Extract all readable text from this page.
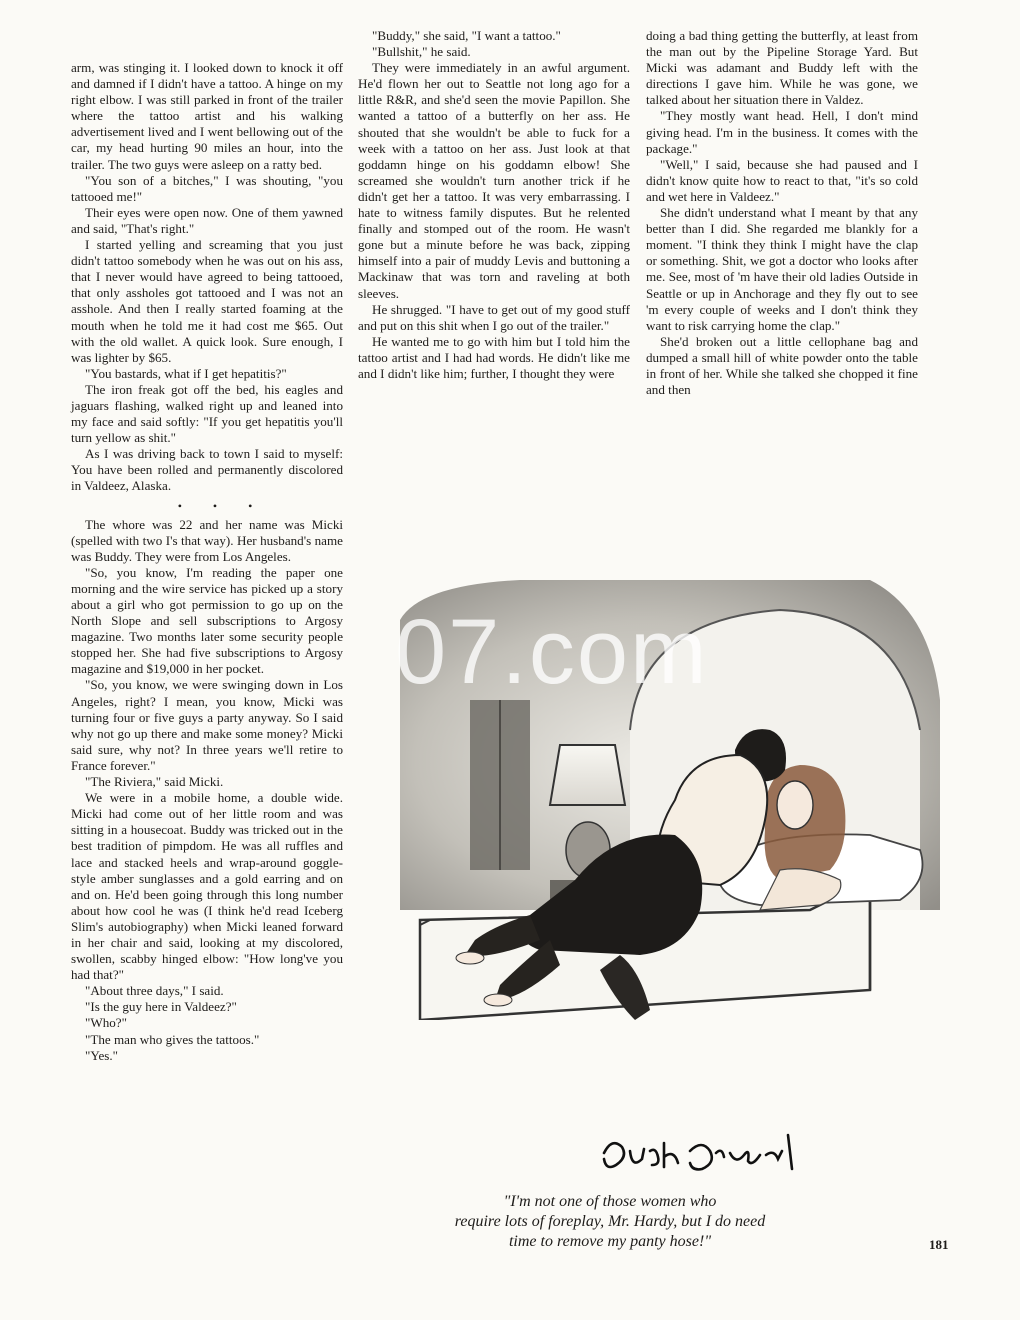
arm, was stinging it. I looked down to knock it off and damned if I didn't have a tattoo. A hinge on my right elbow. I was still parked in front of the trailer where the tattoo artist and his walking advertisement lived and I went bellowing out of the car, my head hurting 90 miles an hour, into the trailer. The two guys were asleep on a ratty bed.

"You son of a bitches," I was shouting, "you tattooed me!"

Their eyes were open now. One of them yawned and said, "That's right."

I started yelling and screaming that you just didn't tattoo somebody when he was out on his ass, that I never would have agreed to being tattooed, that only assholes got tattooed and I was not an asshole. And then I really started foaming at the mouth when he told me it had cost me $65. Out with the old wallet. A quick look. Sure enough, I was lighter by $65.

"You bastards, what if I get hepatitis?"

The iron freak got off the bed, his eagles and jaguars flashing, walked right up and leaned into my face and said softly: "If you get hepatitis you'll turn yellow as shit."

As I was driving back to town I said to myself: You have been rolled and permanently discolored in Valdeez, Alaska.

• • •

The whore was 22 and her name was Micki (spelled with two I's that way). Her husband's name was Buddy. They were from Los Angeles.

"So, you know, I'm reading the paper one morning and the wire service has picked up a story about a girl who got permission to go up on the North Slope and sell subscriptions to Argosy magazine. Two months later some security people stopped her. She had five subscriptions to Argosy magazine and $19,000 in her pocket.

"So, you know, we were swinging down in Los Angeles, right? I mean, you know, Micki was turning four or five guys a party anyway. So I said why not go up there and make some money? Micki said sure, why not? In three years we'll retire to France forever."

"The Riviera," said Micki.

We were in a mobile home, a double wide. Micki had come out of her little room and was sitting in a housecoat. Buddy was tricked out in the best tradition of pimpdom. He was all ruffles and lace and stacked heels and wrap-around goggle-style amber sunglasses and a gold earring and on and on. He'd been going through this long number about how cool he was (I think he'd read Iceberg Slim's autobiography) when Micki leaned forward in her chair and said, looking at my discolored, swollen, scabby hinged elbow: "How long've you had that?"

"About three days," I said.

"Is the guy here in Valdeez?"

"Who?"

"The man who gives the tattoos."

"Yes."

"Buddy," she said, "I want a tattoo."

"Bullshit," he said.

They were immediately in an awful argument. He'd flown her out to Seattle not long ago for a little R&R, and she'd seen the movie Papillon. She wanted a tattoo of a butterfly on her ass. He shouted that she wouldn't be able to fuck for a week with a tattoo on her ass. Just look at that goddamn hinge on his goddamn elbow! She screamed she wouldn't turn another trick if he didn't get her a tattoo. It was very embarrassing. I hate to witness family disputes. But he relented finally and stomped out of the room. He wasn't gone but a minute before he was back, zipping himself into a pair of muddy Levis and buttoning a Mackinaw that was torn and raveling at both sleeves.

He shrugged. "I have to get out of my good stuff and put on this shit when I go out of the trailer."

He wanted me to go with him but I told him the tattoo artist and I had had words. He didn't like me and I didn't like him; further, I thought they were

doing a bad thing getting the butterfly, at least from the man out by the Pipeline Storage Yard. But Micki was adamant and Buddy left with the directions I gave him. While he was gone, we talked about her situation there in Valdez.

"They mostly want head. Hell, I don't mind giving head. I'm in the business. It comes with the package."

"Well," I said, because she had paused and I didn't know quite how to react to that, "it's so cold and wet here in Valdeez."

She didn't understand what I meant by that any better than I did. She regarded me blankly for a moment. "I think they think I might have the clap or something. Shit, we got a doctor who looks after me. See, most of 'm have their old ladies Outside in Seattle or up in Anchorage and they fly out to see 'm every couple of weeks and I don't think they want to risk carrying home the clap."

She'd broken out a little cellophane bag and dumped a small hill of white powder onto the table in front of her. While she talked she chopped it fine and then

07.com

"I'm not one of those women who

require lots of foreplay, Mr. Hardy, but I do need

time to remove my panty hose!"	181
